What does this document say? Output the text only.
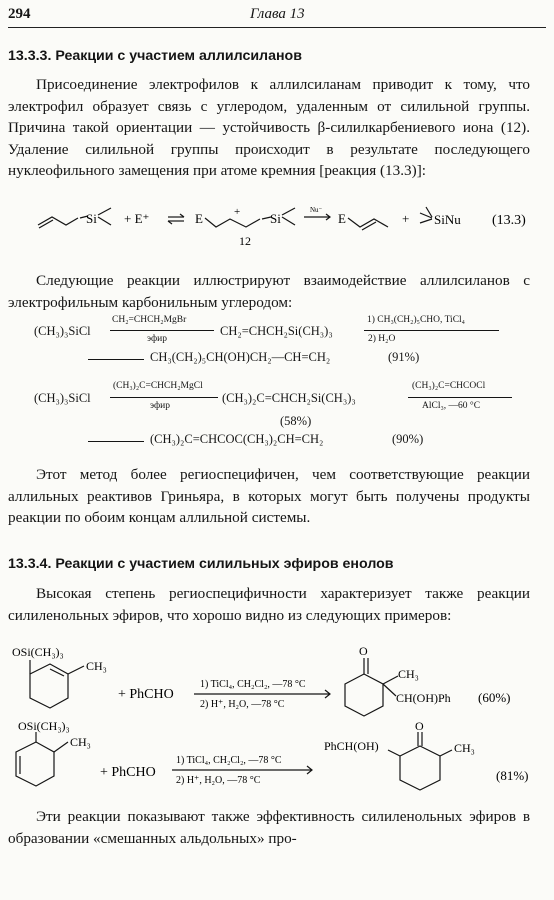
294	Глава 13
13.3.3. Реакции с участием аллилсиланов

Присоединение электрофилов к аллилсиланам приводит к тому, что электрофил образует связь с углеродом, удаленным от силильной группы. Причина такой ориентации — устойчивость β-силилкарбениевого иона (12). Удаление силильной группы происходит в результате последующего нуклеофильного замещения при атоме кремния [реакция (13.3)]:

Si + E⁺	E	+ Si
12
Nu⁻
E	+ SiNu (13.3)

Следующие реакции иллюстрируют взаимодействие аллилсиланов с электрофильным карбонильным углеродом:

(CH₃)₃SiCl
CH₂=CHCH₂MgBr
эфир
CH₂=CHCH₂Si(CH₃)₃
1) CH₃(CH₂)₅CHO, TiCl₄
2) H₂O
CH₃(CH₂)₅CH(OH)CH₂—CH=CH₂	(91%)
(CH₃)₃SiCl
(CH₃)₂C=CHCH₂MgCl
эфир
(CH₃)₂C=CHCH₂Si(CH₃)₃
(58%)
(CH₃)₂C=CHCOCl
AlCl₃, —60 °C
(CH₃)₂C=CHCOC(CH₃)₂CH=CH₂	(90%)

Этот метод более региоспецифичен, чем соответствующие реакции аллильных реактивов Гриньяра, в которых могут быть получены продукты реакции по обоим концам аллильной системы.

13.3.4. Реакции с участием силильных эфиров енолов

Высокая степень региоспецифичности характеризует также реакции силиленольных эфиров, что хорошо видно из следующих примеров:

OSi(CH₃)₃
CH₃
+ PhCHO
1) TiCl₄, CH₂Cl₂, —78 °C
2) H⁺, H₂O, —78 °C
O
CH₃
CH(OH)Ph (60%)
OSi(CH₃)₃
CH₃
+ PhCHO
1) TiCl₄, CH₂Cl₂, —78 °C
2) H⁺, H₂O, —78 °C
O
PhCH(OH)	CH₃
(81%)

Эти реакции показывают также эффективность силиленольных эфиров в образовании «смешанных альдольных» про-
